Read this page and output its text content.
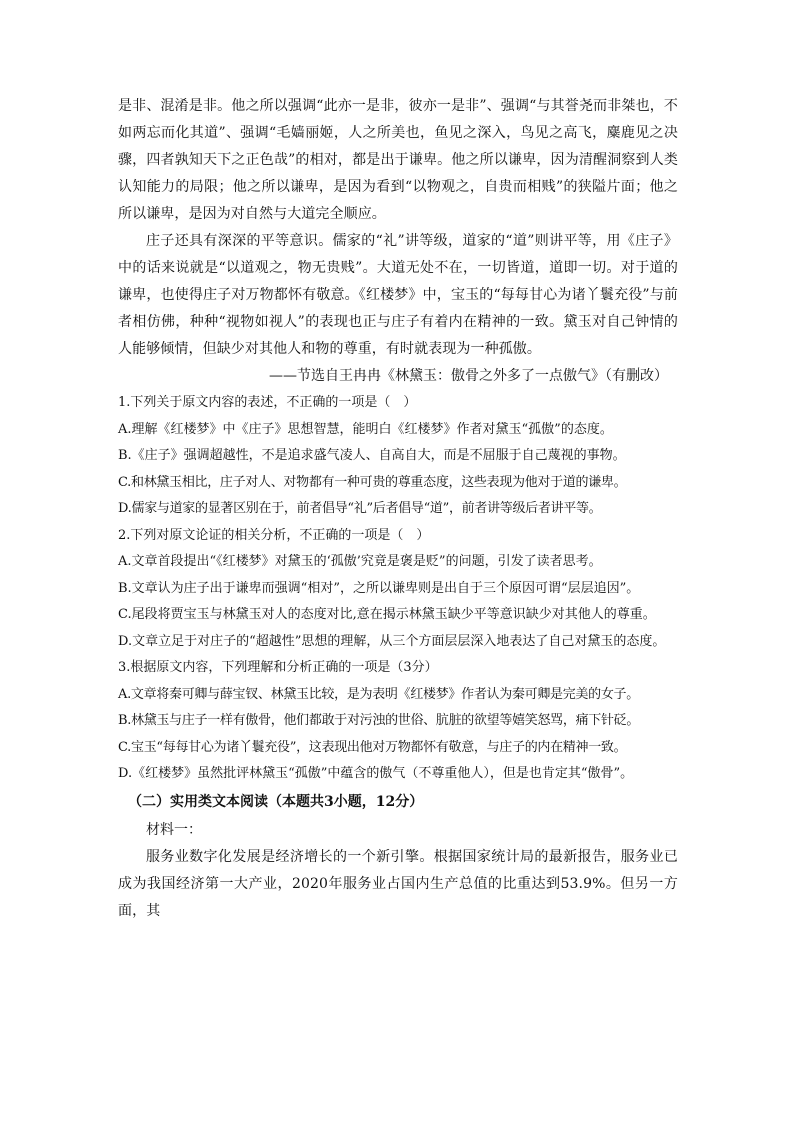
是非、混淆是非。他之所以强调“此亦一是非，彼亦一是非”、强调“与其誉尧而非桀也，不如两忘而化其道”、强调“毛嫱丽姬，人之所美也，鱼见之深入，鸟见之高飞，麋鹿见之决骤，四者孰知天下之正色哉”的相对，都是出于谦卑。他之所以谦卑，因为清醒洞察到人类认知能力的局限；他之所以谦卑，是因为看到“以物观之，自贵而相贱”的狭隘片面；他之所以谦卑，是因为对自然与大道完全顺应。

庄子还具有深深的平等意识。儒家的“礼”讲等级，道家的“道”则讲平等，用《庄子》中的话来说就是“以道观之，物无贵贱”。大道无处不在，一切皆道，道即一切。对于道的谦卑，也使得庄子对万物都怀有敬意。《红楼梦》中，宝玉的“每每甘心为诸丫鬟充役”与前者相仿佛，种种“视物如视人”的表现也正与庄子有着内在精神的一致。黛玉对自己钟情的人能够倾情，但缺少对其他人和物的尊重，有时就表现为一种孤傲。

——节选自王冉冉《林黛玉：傲骨之外多了一点傲气》（有删改）

1.下列关于原文内容的表述，不正确的一项是（　）

A.理解《红楼梦》中《庄子》思想智慧，能明白《红楼梦》作者对黛玉“孤傲”的态度。

B.《庄子》强调超越性，不是追求盛气凌人、自高自大，而是不屈服于自己蔑视的事物。

C.和林黛玉相比，庄子对人、对物都有一种可贵的尊重态度，这些表现为他对于道的谦卑。

D.儒家与道家的显著区别在于，前者倡导“礼”后者倡导“道”，前者讲等级后者讲平等。

2.下列对原文论证的相关分析，不正确的一项是（　）

A.文章首段提出“《红楼梦》对黛玉的‘孤傲’究竟是褒是贬”的问题，引发了读者思考。

B.文章认为庄子出于谦卑而强调“相对”，之所以谦卑则是出自于三个原因可谓“层层追因”。

C.尾段将贾宝玉与林黛玉对人的态度对比,意在揭示林黛玉缺少平等意识缺少对其他人的尊重。

D.文章立足于对庄子的“超越性”思想的理解，从三个方面层层深入地表达了自己对黛玉的态度。

3.根据原文内容，下列理解和分析正确的一项是（3分）

A.文章将秦可卿与薛宝钗、林黛玉比较，是为表明《红楼梦》作者认为秦可卿是完美的女子。

B.林黛玉与庄子一样有傲骨，他们都敢于对污浊的世俗、肮脏的欲望等嬉笑怒骂，痛下针砭。

C.宝玉“每每甘心为诸丫鬟充役”，这表现出他对万物都怀有敬意，与庄子的内在精神一致。

D.《红楼梦》虽然批评林黛玉“孤傲”中蕴含的傲气（不尊重他人），但是也肯定其“傲骨”。

（二）实用类文本阅读（本题共3小题，12分）

材料一：

服务业数字化发展是经济增长的一个新引擎。根据国家统计局的最新报告，服务业已成为我国经济第一大产业，2020年服务业占国内生产总值的比重达到53.9%。但另一方面，其
